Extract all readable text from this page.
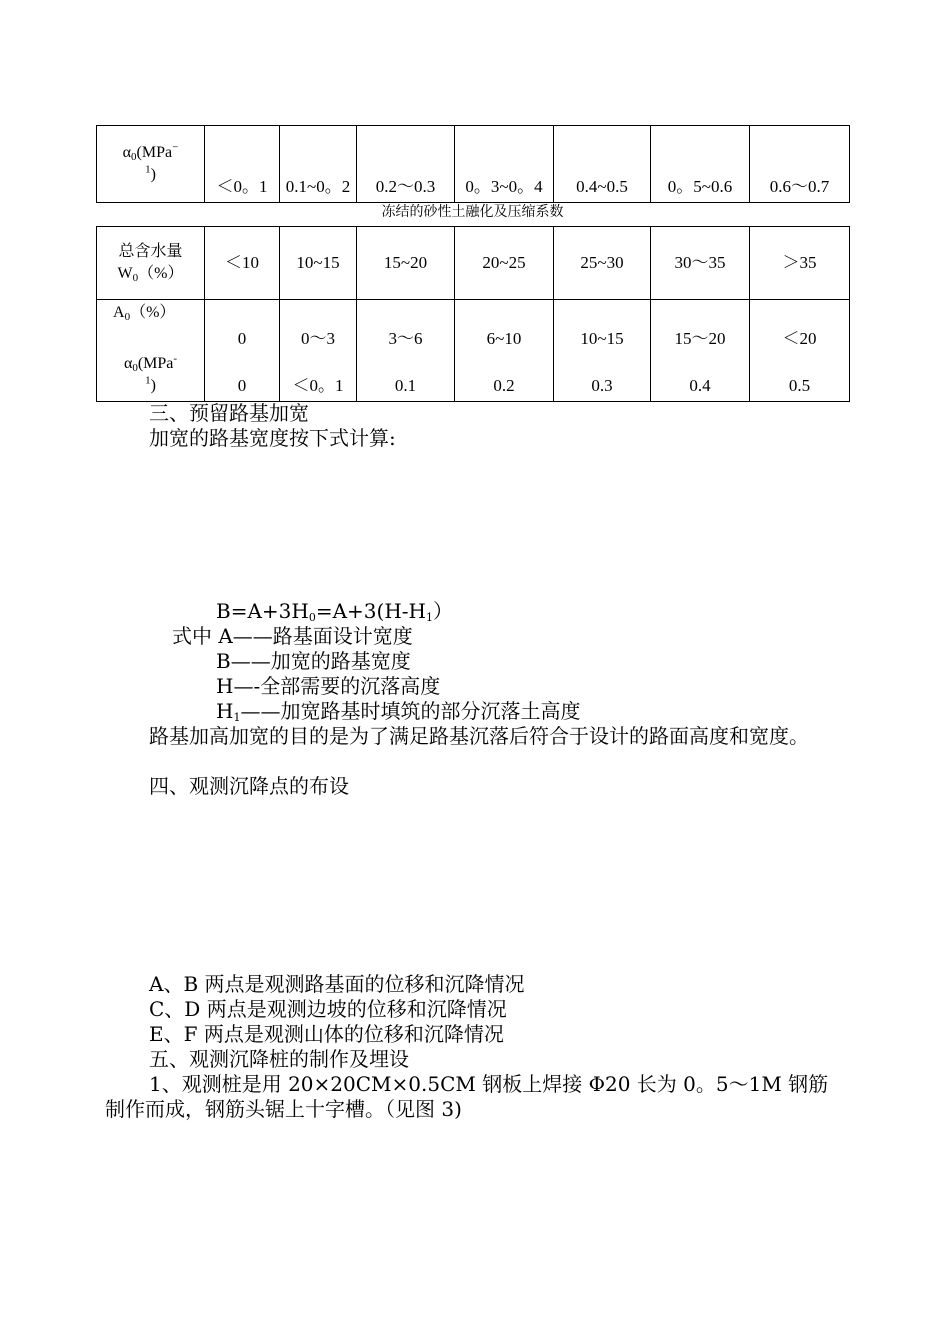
$\alpha_0(MPa^-$
$^1$)	＜0。1	0.1~0。2	0.2～0.3	0。3~0。4	0.4~0.5	0。5~0.6	0.6～0.7
冻结的砂性土融化及压缩系数
总含水量
$W_0(\%)$	＜10	10~15	15~20	20~25	25~30	30～35	＞35
$A_0(\%)$	0	0～3	3～6	6~10	10~15	15～20	＜20
$\alpha_0(MPa^-$
$^1$)	0	＜0。1	0.1	0.2	0.3	0.4	0.5
三、预留路基加宽
加宽的路基宽度按下式计算:
$B=A+3H_0=A+3(H-H_1)$
式中 A——路基面设计宽度
B——加宽的路基宽度
H—-全部需要的沉落高度
$H_1——$加宽路基时填筑的部分沉落土高度
路基加高加宽的目的是为了满足路基沉落后符合于设计的路面高度和宽度。
四、观测沉降点的布设
A、B 两点是观测路基面的位移和沉降情况
C、D 两点是观测边坡的位移和沉降情况
E、F 两点是观测山体的位移和沉降情况
五、观测沉降桩的制作及埋设
1、观测桩是用 20×20CM×0.5CM 钢板上焊接 Φ20 长为 0。5～1M 钢筋制作而成，钢筋头锯上十字槽。（见图 3)
